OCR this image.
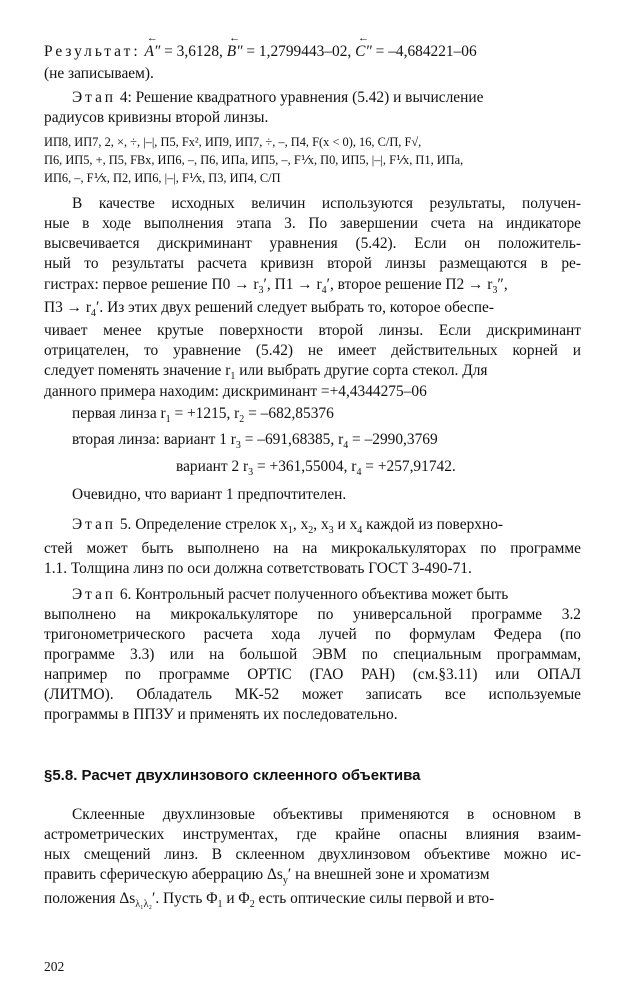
Результат: ← A″ = 3,6128, ← B″ = 1,2799443–02, ← C″ = –4,684221–06
(не записываем).
Этап 4: Решение квадратного уравнения (5.42) и вычисление
радиусов кривизны второй линзы.
ИП8, ИП7, 2, ×, ÷, |–|, П5, Fx², ИП9, ИП7, ÷, –, П4, F(x < 0), 16, С/П, F√,
П6, ИП5, +, П5, FВх, ИП6, –, П6, ИПа, ИП5, –, F⅟x, П0, ИП5, |–|, F⅟x, П1, ИПа,
ИП6, –, F⅟x, П2, ИП6, |–|, F⅟x, П3, ИП4, С/П
В качестве исходных величин используются результаты, получен-
ные в ходе выполнения этапа 3. По завершении счета на индикаторе
высвечивается дискриминант уравнения (5.42). Если он положитель-
ный то результаты расчета кривизн второй линзы размещаются в ре-
гистрах: первое решение $П0 \to r_3'$, $П1 \to r_4'$, второе решение $П2 \to r_3''$,
$П3 \to r_4'$. Из этих двух решений следует выбрать то, которое обеспе-
чивает менее крутые поверхности второй линзы. Если дискриминант
отрицателен, то уравнение (5.42) не имеет действительных корней и
следует поменять значение $r_1$ или выбрать другие сорта стекол. Для
данного примера находим: дискриминант =+4,4344275–06
первая линза $r_1 = +1215$, $r_2 = -682,85376$
вторая линза: вариант 1 $r_3 = -691,68385$, $r_4 = -2990,3769$
вариант 2 $r_3 = +361,55004$, $r_4 = +257,91742$.
Очевидно, что вариант 1 предпочтителен.
Этап 5. Определение стрелок $x_1$, $x_2$, $x_3$ и $x_4$ каждой из поверхно-
стей может быть выполнено на на микрокалькуляторах по программе
1.1. Толщина линз по оси должна сответствовать ГОСТ 3-490-71.
Этап 6. Контрольный расчет полученного объектива может быть
выполнено на микрокалькуляторе по универсальной программе 3.2
тригонометрического расчета хода лучей по формулам Федера (по
программе 3.3) или на большой ЭВМ по специальным программам,
например по программе OPTIC (ГАО РАН) (см.§3.11) или ОПАЛ
(ЛИТМО). Обладатель МК-52 может записать все используемые
программы в ППЗУ и применять их последовательно.
§5.8. Расчет двухлинзового склеенного объектива
Склеенные двухлинзовые объективы применяются в основном в
астрометрических инструментах, где крайне опасны влияния взаим-
ных смещений линз. В склеенном двухлинзовом объективе можно ис-
править сферическую аберрацию $\Delta s_y'$ на внешней зоне и хроматизм
положения $\Delta s_{\lambda_1\lambda_2}'$. Пусть $\Phi_1$ и $\Phi_2$ есть оптические силы первой и вто-
202
